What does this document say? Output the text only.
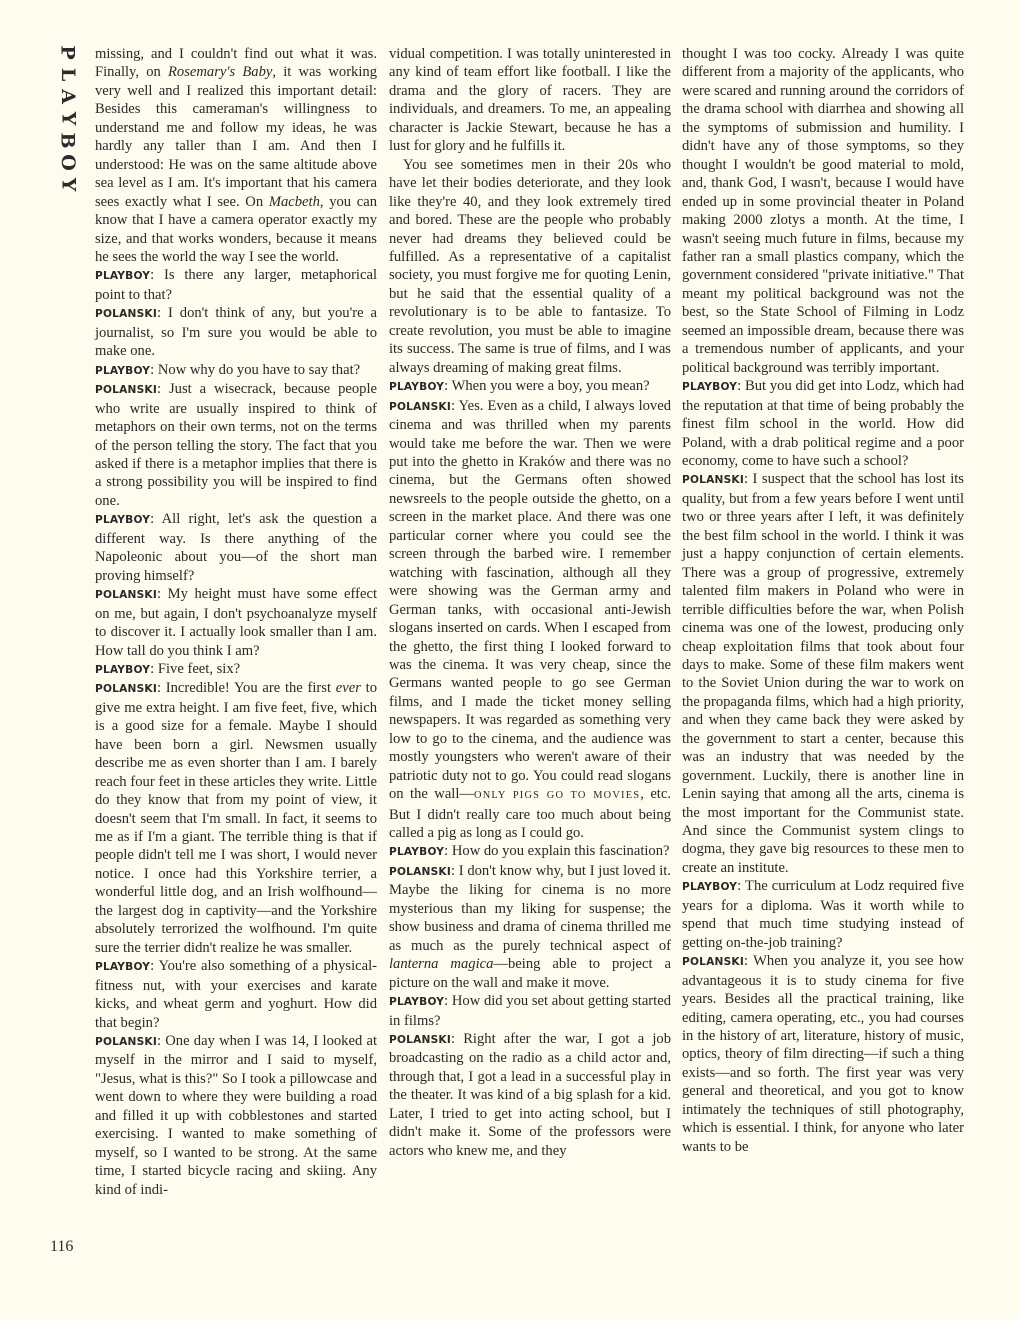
P
L
A
Y
B
O
Y

missing, and I couldn't find out what it was. Finally, on Rosemary's Baby, it was working very well and I realized this important detail: Besides this cameraman's willingness to understand me and follow my ideas, he was hardly any taller than I am. And then I understood: He was on the same altitude above sea level as I am. It's important that his camera sees exactly what I see. On Macbeth, you can know that I have a camera operator exactly my size, and that works wonders, because it means he sees the world the way I see the world.

PLAYBOY: Is there any larger, metaphorical point to that?

POLANSKI: I don't think of any, but you're a journalist, so I'm sure you would be able to make one.

PLAYBOY: Now why do you have to say that?

POLANSKI: Just a wisecrack, because people who write are usually inspired to think of metaphors on their own terms, not on the terms of the person telling the story. The fact that you asked if there is a metaphor implies that there is a strong possibility you will be inspired to find one.

PLAYBOY: All right, let's ask the question a different way. Is there anything of the Napoleonic about you—of the short man proving himself?

POLANSKI: My height must have some effect on me, but again, I don't psychoanalyze myself to discover it. I actually look smaller than I am. How tall do you think I am?

PLAYBOY: Five feet, six?

POLANSKI: Incredible! You are the first ever to give me extra height. I am five feet, five, which is a good size for a female. Maybe I should have been born a girl. Newsmen usually describe me as even shorter than I am. I barely reach four feet in these articles they write. Little do they know that from my point of view, it doesn't seem that I'm small. In fact, it seems to me as if I'm a giant. The terrible thing is that if people didn't tell me I was short, I would never notice. I once had this Yorkshire terrier, a wonderful little dog, and an Irish wolfhound—the largest dog in captivity—and the Yorkshire absolutely terrorized the wolfhound. I'm quite sure the terrier didn't realize he was smaller.

PLAYBOY: You're also something of a physical-fitness nut, with your exercises and karate kicks, and wheat germ and yoghurt. How did that begin?

POLANSKI: One day when I was 14, I looked at myself in the mirror and I said to myself, "Jesus, what is this?" So I took a pillowcase and went down to where they were building a road and filled it up with cobblestones and started exercising. I wanted to make something of myself, so I wanted to be strong. At the same time, I started bicycle racing and skiing. Any kind of indi-

vidual competition. I was totally uninterested in any kind of team effort like football. I like the drama and the glory of racers. They are individuals, and dreamers. To me, an appealing character is Jackie Stewart, because he has a lust for glory and he fulfills it.

You see sometimes men in their 20s who have let their bodies deteriorate, and they look like they're 40, and they look extremely tired and bored. These are the people who probably never had dreams they believed could be fulfilled. As a representative of a capitalist society, you must forgive me for quoting Lenin, but he said that the essential quality of a revolutionary is to be able to fantasize. To create revolution, you must be able to imagine its success. The same is true of films, and I was always dreaming of making great films.

PLAYBOY: When you were a boy, you mean?

POLANSKI: Yes. Even as a child, I always loved cinema and was thrilled when my parents would take me before the war. Then we were put into the ghetto in Kraków and there was no cinema, but the Germans often showed newsreels to the people outside the ghetto, on a screen in the market place. And there was one particular corner where you could see the screen through the barbed wire. I remember watching with fascination, although all they were showing was the German army and German tanks, with occasional anti-Jewish slogans inserted on cards. When I escaped from the ghetto, the first thing I looked forward to was the cinema. It was very cheap, since the Germans wanted people to go see German films, and I made the ticket money selling newspapers. It was regarded as something very low to go to the cinema, and the audience was mostly youngsters who weren't aware of their patriotic duty not to go. You could read slogans on the wall—ONLY PIGS GO TO MOVIES, etc. But I didn't really care too much about being called a pig as long as I could go.

PLAYBOY: How do you explain this fascination?

POLANSKI: I don't know why, but I just loved it. Maybe the liking for cinema is no more mysterious than my liking for suspense; the show business and drama of cinema thrilled me as much as the purely technical aspect of lanterna magica—being able to project a picture on the wall and make it move.

PLAYBOY: How did you set about getting started in films?

POLANSKI: Right after the war, I got a job broadcasting on the radio as a child actor and, through that, I got a lead in a successful play in the theater. It was kind of a big splash for a kid. Later, I tried to get into acting school, but I didn't make it. Some of the professors were actors who knew me, and they

thought I was too cocky. Already I was quite different from a majority of the applicants, who were scared and running around the corridors of the drama school with diarrhea and showing all the symptoms of submission and humility. I didn't have any of those symptoms, so they thought I wouldn't be good material to mold, and, thank God, I wasn't, because I would have ended up in some provincial theater in Poland making 2000 zlotys a month. At the time, I wasn't seeing much future in films, because my father ran a small plastics company, which the government considered "private initiative." That meant my political background was not the best, so the State School of Filming in Lodz seemed an impossible dream, because there was a tremendous number of applicants, and your political background was terribly important.

PLAYBOY: But you did get into Lodz, which had the reputation at that time of being probably the finest film school in the world. How did Poland, with a drab political regime and a poor economy, come to have such a school?

POLANSKI: I suspect that the school has lost its quality, but from a few years before I went until two or three years after I left, it was definitely the best film school in the world. I think it was just a happy conjunction of certain elements. There was a group of progressive, extremely talented film makers in Poland who were in terrible difficulties before the war, when Polish cinema was one of the lowest, producing only cheap exploitation films that took about four days to make. Some of these film makers went to the Soviet Union during the war to work on the propaganda films, which had a high priority, and when they came back they were asked by the government to start a center, because this was an industry that was needed by the government. Luckily, there is another line in Lenin saying that among all the arts, cinema is the most important for the Communist state. And since the Communist system clings to dogma, they gave big resources to these men to create an institute.

PLAYBOY: The curriculum at Lodz required five years for a diploma. Was it worth while to spend that much time studying instead of getting on-the-job training?

POLANSKI: When you analyze it, you see how advantageous it is to study cinema for five years. Besides all the practical training, like editing, camera operating, etc., you had courses in the history of art, literature, history of music, optics, theory of film directing—if such a thing exists—and so forth. The first year was very general and theoretical, and you got to know intimately the techniques of still photography, which is essential. I think, for anyone who later wants to be

116
